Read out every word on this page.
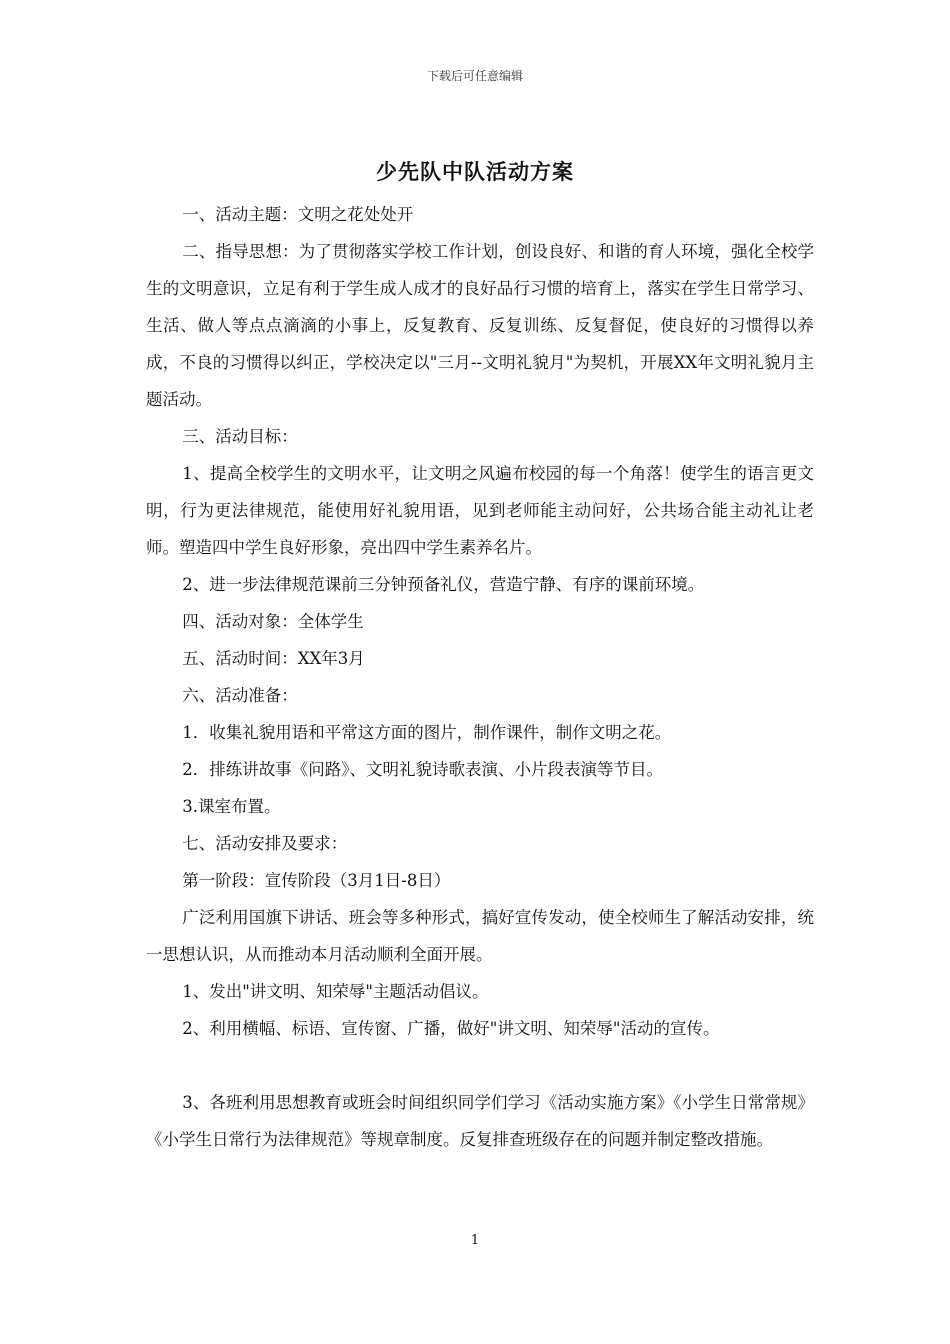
下载后可任意编辑
少先队中队活动方案

一、活动主题：文明之花处处开

二、指导思想：为了贯彻落实学校工作计划，创设良好、和谐的育人环境，强化全校学生的文明意识，立足有利于学生成人成才的良好品行习惯的培育上，落实在学生日常学习、生活、做人等点点滴滴的小事上，反复教育、反复训练、反复督促，使良好的习惯得以养成，不良的习惯得以纠正，学校决定以"三月--文明礼貌月"为契机，开展XX年文明礼貌月主题活动。

三、活动目标：

1、提高全校学生的文明水平，让文明之风遍布校园的每一个角落！使学生的语言更文明，行为更法律规范，能使用好礼貌用语，见到老师能主动问好，公共场合能主动礼让老师。塑造四中学生良好形象，亮出四中学生素养名片。

2、进一步法律规范课前三分钟预备礼仪，营造宁静、有序的课前环境。

四、活动对象：全体学生

五、活动时间：XX年3月

六、活动准备：

1．收集礼貌用语和平常这方面的图片，制作课件，制作文明之花。

2．排练讲故事《问路》、文明礼貌诗歌表演、小片段表演等节目。

3.课室布置。

七、活动安排及要求：

第一阶段：宣传阶段（3月1日-8日）

广泛利用国旗下讲话、班会等多种形式，搞好宣传发动，使全校师生了解活动安排，统一思想认识，从而推动本月活动顺利全面开展。

1、发出"讲文明、知荣辱"主题活动倡议。

2、利用横幅、标语、宣传窗、广播，做好"讲文明、知荣辱"活动的宣传。

3、各班利用思想教育或班会时间组织同学们学习《活动实施方案》《小学生日常常规》《小学生日常行为法律规范》等规章制度。反复排查班级存在的问题并制定整改措施。

1
